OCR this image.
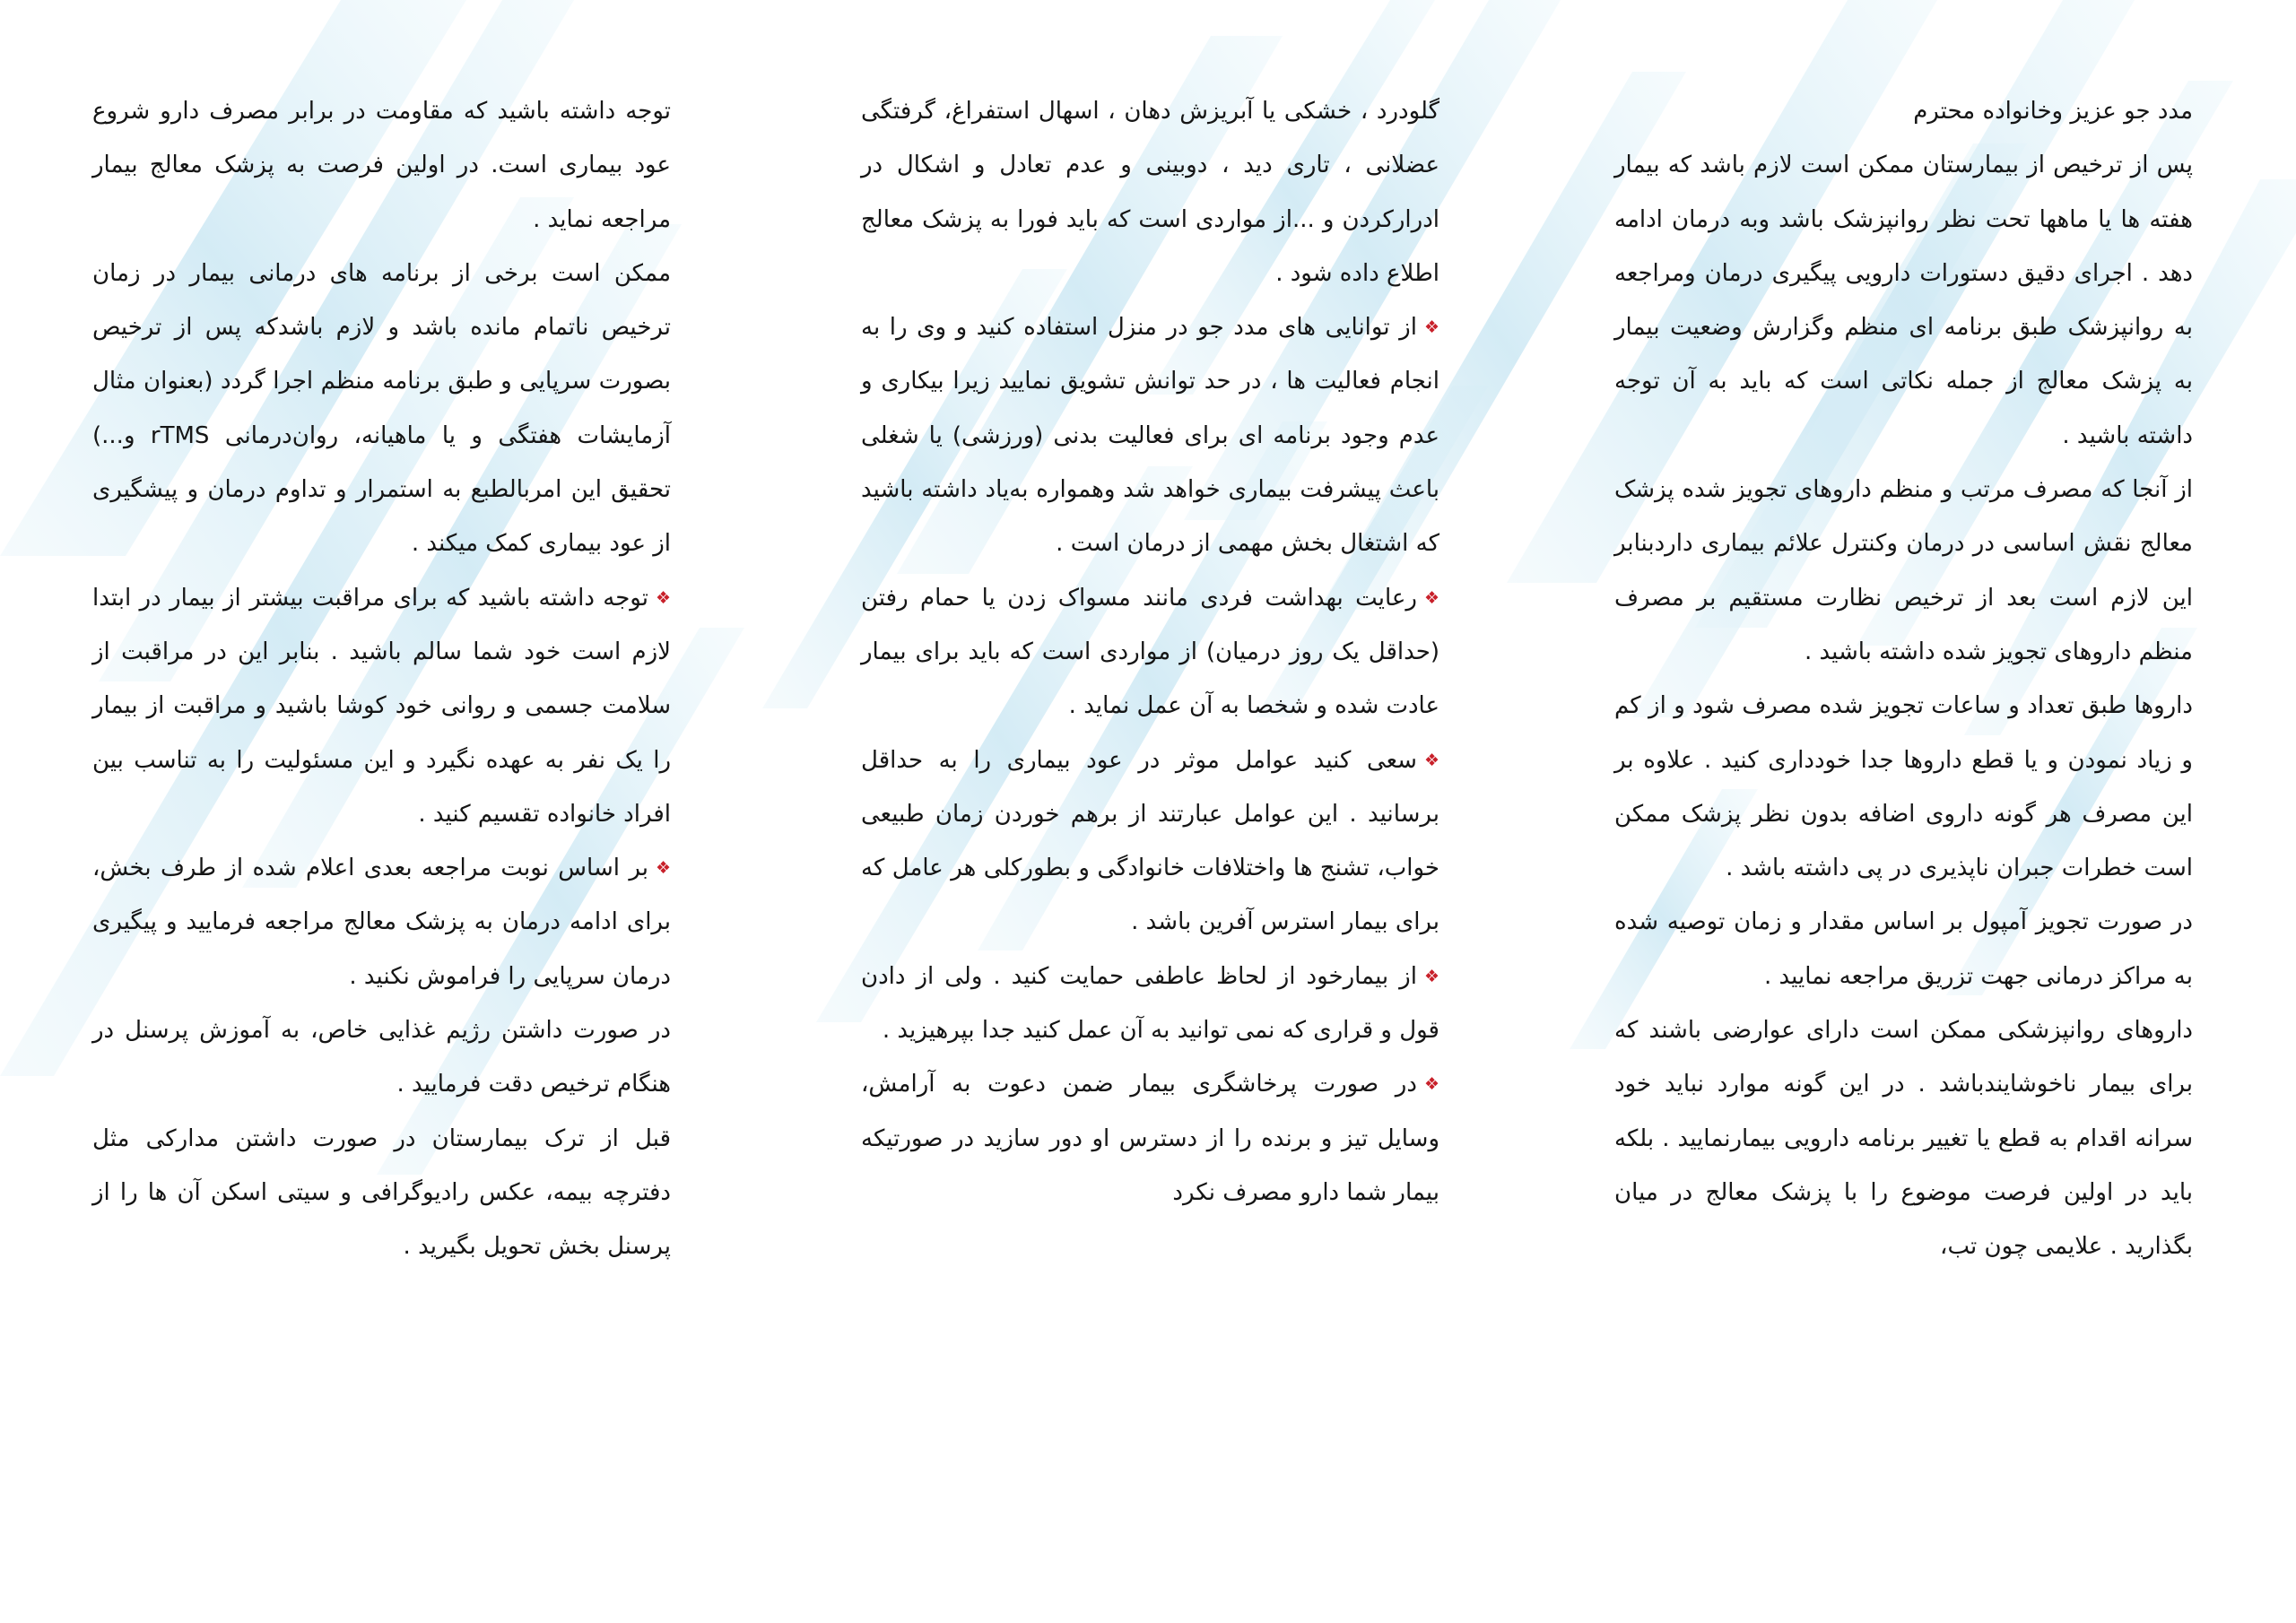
مدد جو عزیز وخانواده محترم

پس از ترخیص از بیمارستان ممکن است لازم باشد که بیمار هفته ها یا ماهها تحت نظر روانپزشک باشد وبه درمان ادامه دهد . اجرای دقیق دستورات دارویی پیگیری درمان ومراجعه به روانپزشک طبق برنامه ای منظم وگزارش وضعیت بیمار به پزشک معالج از جمله نکاتی است که باید به آن توجه داشته باشید .

از آنجا که مصرف مرتب و منظم داروهای تجویز شده پزشک معالج نقش اساسی در درمان وکنترل علائم بیماری داردبنابر این لازم است بعد از ترخیص نظارت مستقیم بر مصرف منظم داروهای تجویز شده داشته باشید .

داروها طبق تعداد و ساعات تجویز شده مصرف شود و از کم و زیاد نمودن و یا قطع داروها جدا خودداری کنید . علاوه بر این مصرف هر گونه داروی اضافه بدون نظر پزشک ممکن است خطرات جبران ناپذیری در پی داشته باشد .

در صورت تجویز آمپول بر اساس مقدار و زمان توصیه شده به مراکز درمانی جهت تزریق مراجعه نمایید .

داروهای روانپزشکی ممکن است دارای عوارضی باشند که برای بیمار ناخوشایندباشد . در این گونه موارد نباید خود سرانه اقدام به قطع یا تغییر برنامه دارویی بیمارنمایید . بلکه باید در اولین فرصت موضوع را با پزشک معالج در میان بگذارید . علایمی چون تب،

گلودرد ، خشکی یا آبریزش دهان ، اسهال استفراغ، گرفتگی عضلانی ، تاری دید ، دوبینی و عدم تعادل و اشکال در ادرارکردن و ...از مواردی است که باید فورا به پزشک معالج اطلاع داده شود .

❖از توانایی های مدد جو در منزل استفاده کنید و وی را به انجام فعالیت ها ، در حد توانش تشویق نمایید زیرا بیکاری و عدم وجود برنامه ای برای فعالیت بدنی (ورزشی) یا شغلی باعث پیشرفت بیماری خواهد شد وهمواره به‌یاد داشته باشید که اشتغال بخش مهمی از درمان است .

❖رعایت بهداشت فردی مانند مسواک زدن یا حمام رفتن (حداقل یک روز درمیان) از مواردی است که باید برای بیمار عادت شده و شخصا به آن عمل نماید .

❖سعی کنید عوامل موثر در عود بیماری را به حداقل برسانید . این عوامل عبارتند از برهم خوردن زمان طبیعی خواب، تشنج ها واختلافات خانوادگی و بطورکلی هر عامل که برای بیمار استرس آفرین باشد .

❖از بیمارخود از لحاظ عاطفی حمایت کنید . ولی از دادن قول و قراری که نمی توانید به آن عمل کنید جدا بپرهیزید .

❖در صورت پرخاشگری بیمار ضمن دعوت به آرامش، وسایل تیز و برنده را از دسترس او دور سازید در صورتیکه بیمار شما دارو مصرف نکرد

توجه داشته باشید که مقاومت در برابر مصرف دارو شروع عود بیماری است. در اولین فرصت به پزشک معالج بیمار مراجعه نماید .

ممکن است برخی از برنامه های درمانی بیمار در زمان ترخیص ناتمام مانده باشد و لازم باشدکه پس از ترخیص بصورت سرپایی و طبق برنامه منظم اجرا گردد (بعنوان مثال آزمایشات هفتگی و یا ماهیانه، روان‌درمانی rTMS و...) تحقیق این امربالطبع به استمرار و تداوم درمان و پیشگیری از عود بیماری کمک میکند .

❖توجه داشته باشید که برای مراقبت بیشتر از بیمار در ابتدا لازم است خود شما سالم باشید . بنابر این در مراقبت از سلامت جسمی و روانی خود کوشا باشید و مراقبت از بیمار را یک نفر به عهده نگیرد و این مسئولیت را به تناسب بین افراد خانواده تقسیم کنید .

❖بر اساس نوبت مراجعه بعدی اعلام شده از طرف بخش، برای ادامه درمان به پزشک معالج مراجعه فرمایید و پیگیری درمان سرپایی را فراموش نکنید .

در صورت داشتن رژیم غذایی خاص، به آموزش پرسنل در هنگام ترخیص دقت فرمایید .

قبل از ترک بیمارستان در صورت داشتن مدارکی مثل دفترچه بیمه، عکس رادیوگرافی و سیتی اسکن آن ها را از پرسنل بخش تحویل بگیرید .
